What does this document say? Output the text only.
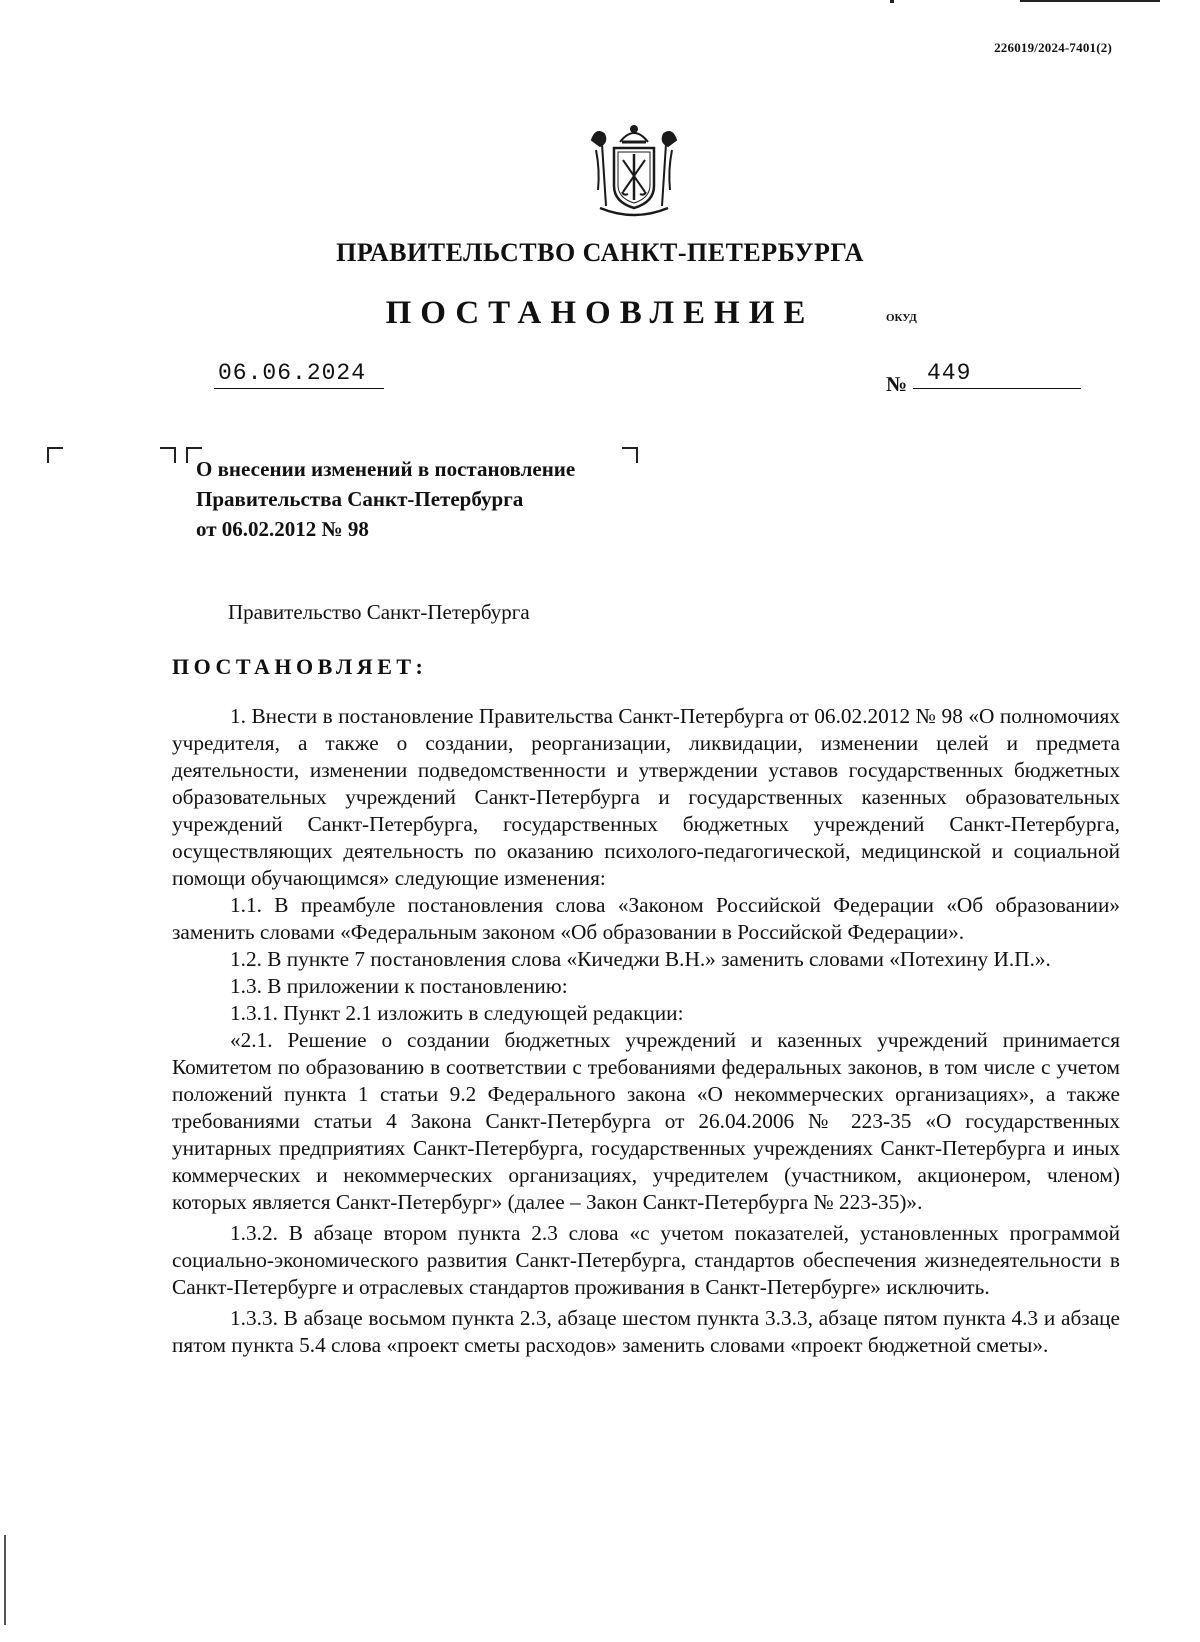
226019/2024-7401(2)
ПРАВИТЕЛЬСТВО САНКТ-ПЕТЕРБУРГА
ПОСТАНОВЛЕНИЕ	ОКУД
06.06.2024	№ 449
О внесении изменений в постановление
Правительства Санкт-Петербурга
от 06.02.2012 № 98
Правительство Санкт-Петербурга
ПОСТАНОВЛЯЕТ:

1. Внести в постановление Правительства Санкт-Петербурга от 06.02.2012 № 98 «О полномочиях учредителя, а также о создании, реорганизации, ликвидации, изменении целей и предмета деятельности, изменении подведомственности и утверждении уставов государственных бюджетных образовательных учреждений Санкт-Петербурга и государственных казенных образовательных учреждений Санкт-Петербурга, государственных бюджетных учреждений Санкт-Петербурга, осуществляющих деятельность по оказанию психолого-педагогической, медицинской и социальной помощи обучающимся» следующие изменения:

1.1. В преамбуле постановления слова «Законом Российской Федерации «Об образовании» заменить словами «Федеральным законом «Об образовании в Российской Федерации».

1.2. В пункте 7 постановления слова «Кичеджи В.Н.» заменить словами «Потехину И.П.».

1.3. В приложении к постановлению:

1.3.1. Пункт 2.1 изложить в следующей редакции:

«2.1. Решение о создании бюджетных учреждений и казенных учреждений принимается Комитетом по образованию в соответствии с требованиями федеральных законов, в том числе с учетом положений пункта 1 статьи 9.2 Федерального закона «О некоммерческих организациях», а также требованиями статьи 4 Закона Санкт-Петербурга от 26.04.2006 № 223-35 «О государственных унитарных предприятиях Санкт-Петербурга, государственных учреждениях Санкт-Петербурга и иных коммерческих и некоммерческих организациях, учредителем (участником, акционером, членом) которых является Санкт-Петербург» (далее – Закон Санкт-Петербурга № 223-35)».

1.3.2. В абзаце втором пункта 2.3 слова «с учетом показателей, установленных программой социально-экономического развития Санкт-Петербурга, стандартов обеспечения жизнедеятельности в Санкт-Петербурге и отраслевых стандартов проживания в Санкт-Петербурге» исключить.

1.3.3. В абзаце восьмом пункта 2.3, абзаце шестом пункта 3.3.3, абзаце пятом пункта 4.3 и абзаце пятом пункта 5.4 слова «проект сметы расходов» заменить словами «проект бюджетной сметы».
